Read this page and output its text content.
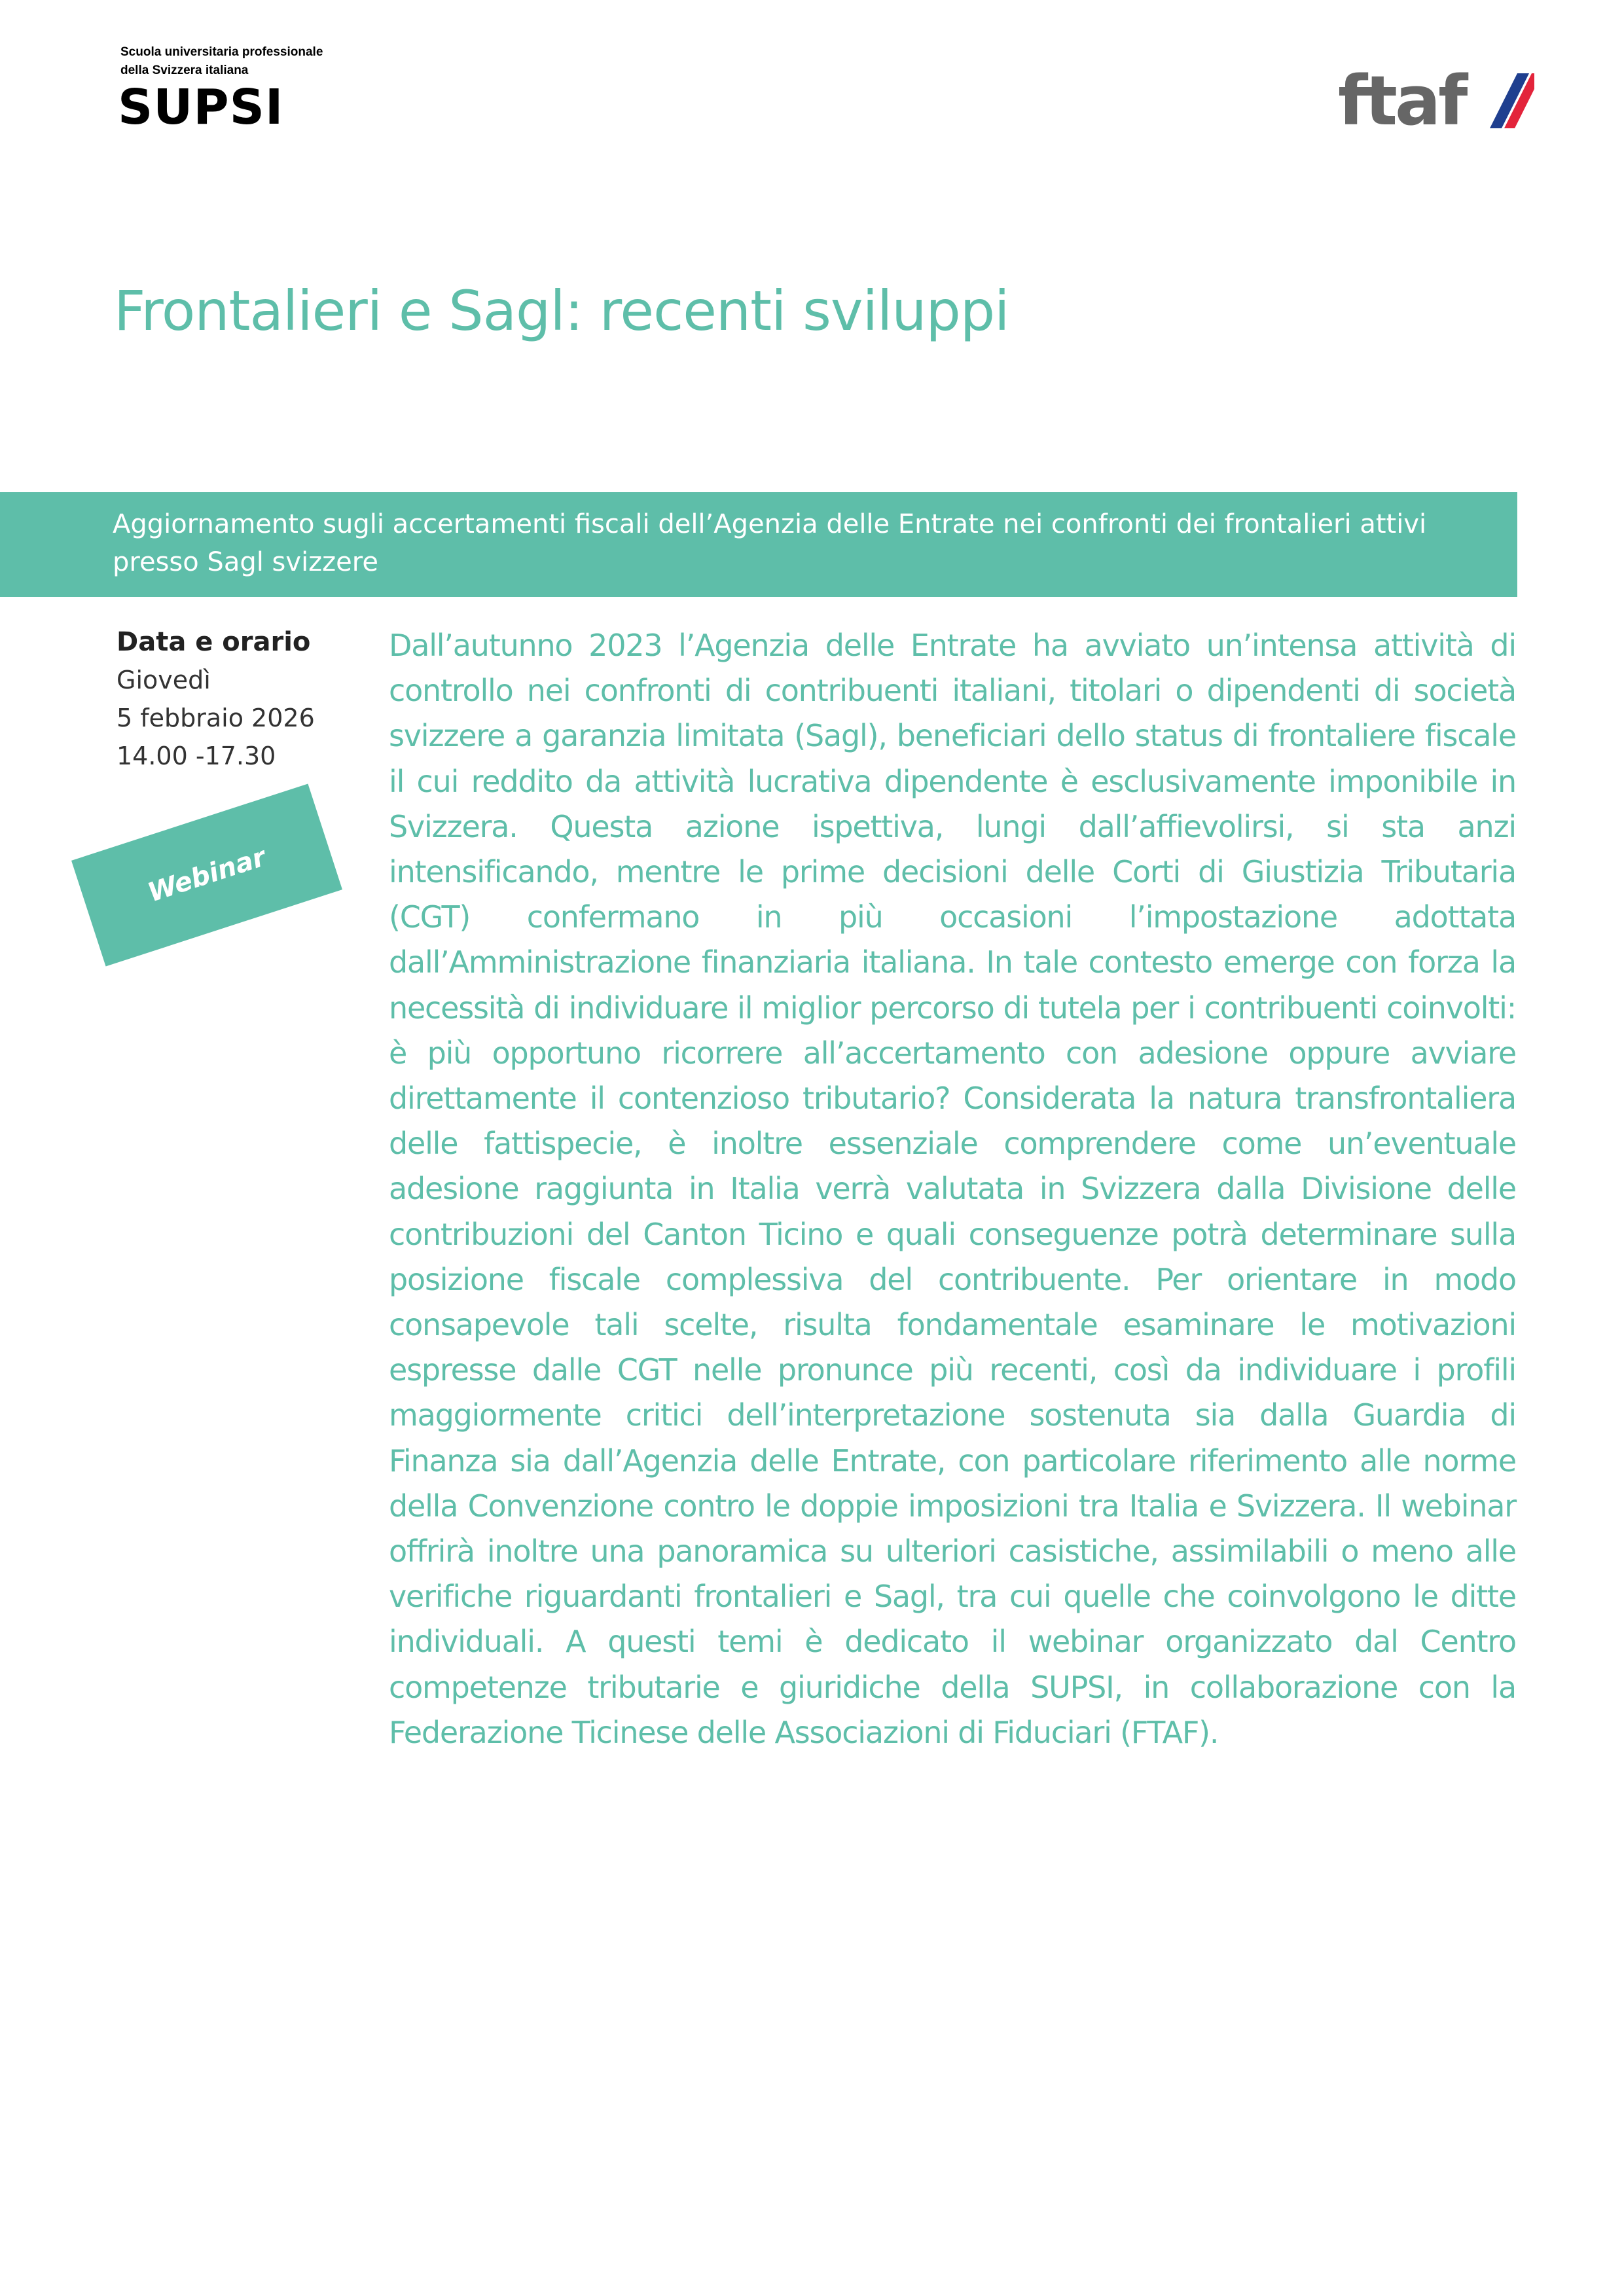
Scuola universitaria professionale
della Svizzera italiana
SUPSI	ftaf
Frontalieri e Sagl: recenti sviluppi
Aggiornamento sugli accertamenti fiscali dell’Agenzia delle Entrate nei confronti dei frontalieri attivi presso Sagl svizzere
Data e orario
Giovedì
5 febbraio 2026
14.00 -17.30
Webinar

Dall’autunno 2023 l’Agenzia delle Entrate ha avviato un’intensa attività di controllo nei confronti di contribuenti italiani, titolari o dipendenti di società svizzere a garanzia limitata (Sagl), beneficiari dello status di frontaliere fiscale il cui reddito da attività lucrativa dipendente è esclusivamente imponibile in Svizzera. Questa azione ispettiva, lungi dall’affievolirsi, si sta anzi intensificando, mentre le prime decisioni delle Corti di Giustizia Tributaria (CGT) confermano in più occasioni l’impostazione adottata dall’Amministrazione finanziaria italiana. In tale contesto emerge con forza la necessità di individuare il miglior percorso di tutela per i contribuenti coinvolti: è più opportuno ricorrere all’accertamento con adesione oppure avviare direttamente il contenzioso tributario? Considerata la natura transfrontaliera delle fattispecie, è inoltre essenziale comprendere come un’eventuale adesione raggiunta in Italia verrà valutata in Svizzera dalla Divisione delle contribuzioni del Canton Ticino e quali conseguenze potrà determinare sulla posizione fiscale complessiva del contribuente. Per orientare in modo consapevole tali scelte, risulta fondamentale esaminare le motivazioni espresse dalle CGT nelle pronunce più recenti, così da individuare i profili maggiormente critici dell’interpretazione sostenuta sia dalla Guardia di Finanza sia dall’Agenzia delle Entrate, con particolare riferimento alle norme della Convenzione contro le doppie imposizioni tra Italia e Svizzera. Il webinar offrirà inoltre una panoramica su ulteriori casistiche, assimilabili o meno alle verifiche riguardanti frontalieri e Sagl, tra cui quelle che coinvolgono le ditte individuali. A questi temi è dedicato il webinar organizzato dal Centro competenze tributarie e giuridiche della SUPSI, in collaborazione con la Federazione Ticinese delle Associazioni di Fiduciari (FTAF).
